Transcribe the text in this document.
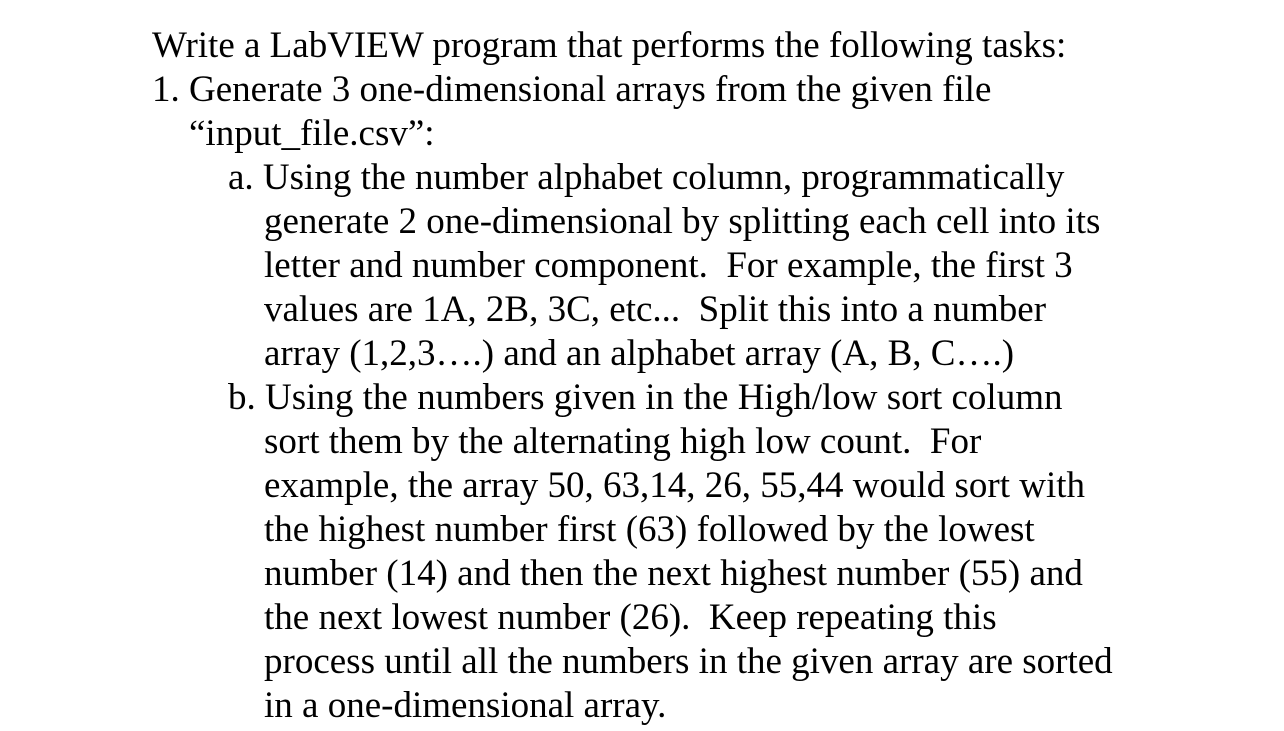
Write a LabVIEW program that performs the following tasks:
1. Generate 3 one-dimensional arrays from the given file
“input_file.csv”:
a. Using the number alphabet column, programmatically
generate 2 one-dimensional by splitting each cell into its
letter and number component.  For example, the first 3
values are 1A, 2B, 3C, etc...  Split this into a number
array (1,2,3….) and an alphabet array (A, B, C….)
b. Using the numbers given in the High/low sort column
sort them by the alternating high low count.  For
example, the array 50, 63,14, 26, 55,44 would sort with
the highest number first (63) followed by the lowest
number (14) and then the next highest number (55) and
the next lowest number (26).  Keep repeating this
process until all the numbers in the given array are sorted
in a one-dimensional array.
